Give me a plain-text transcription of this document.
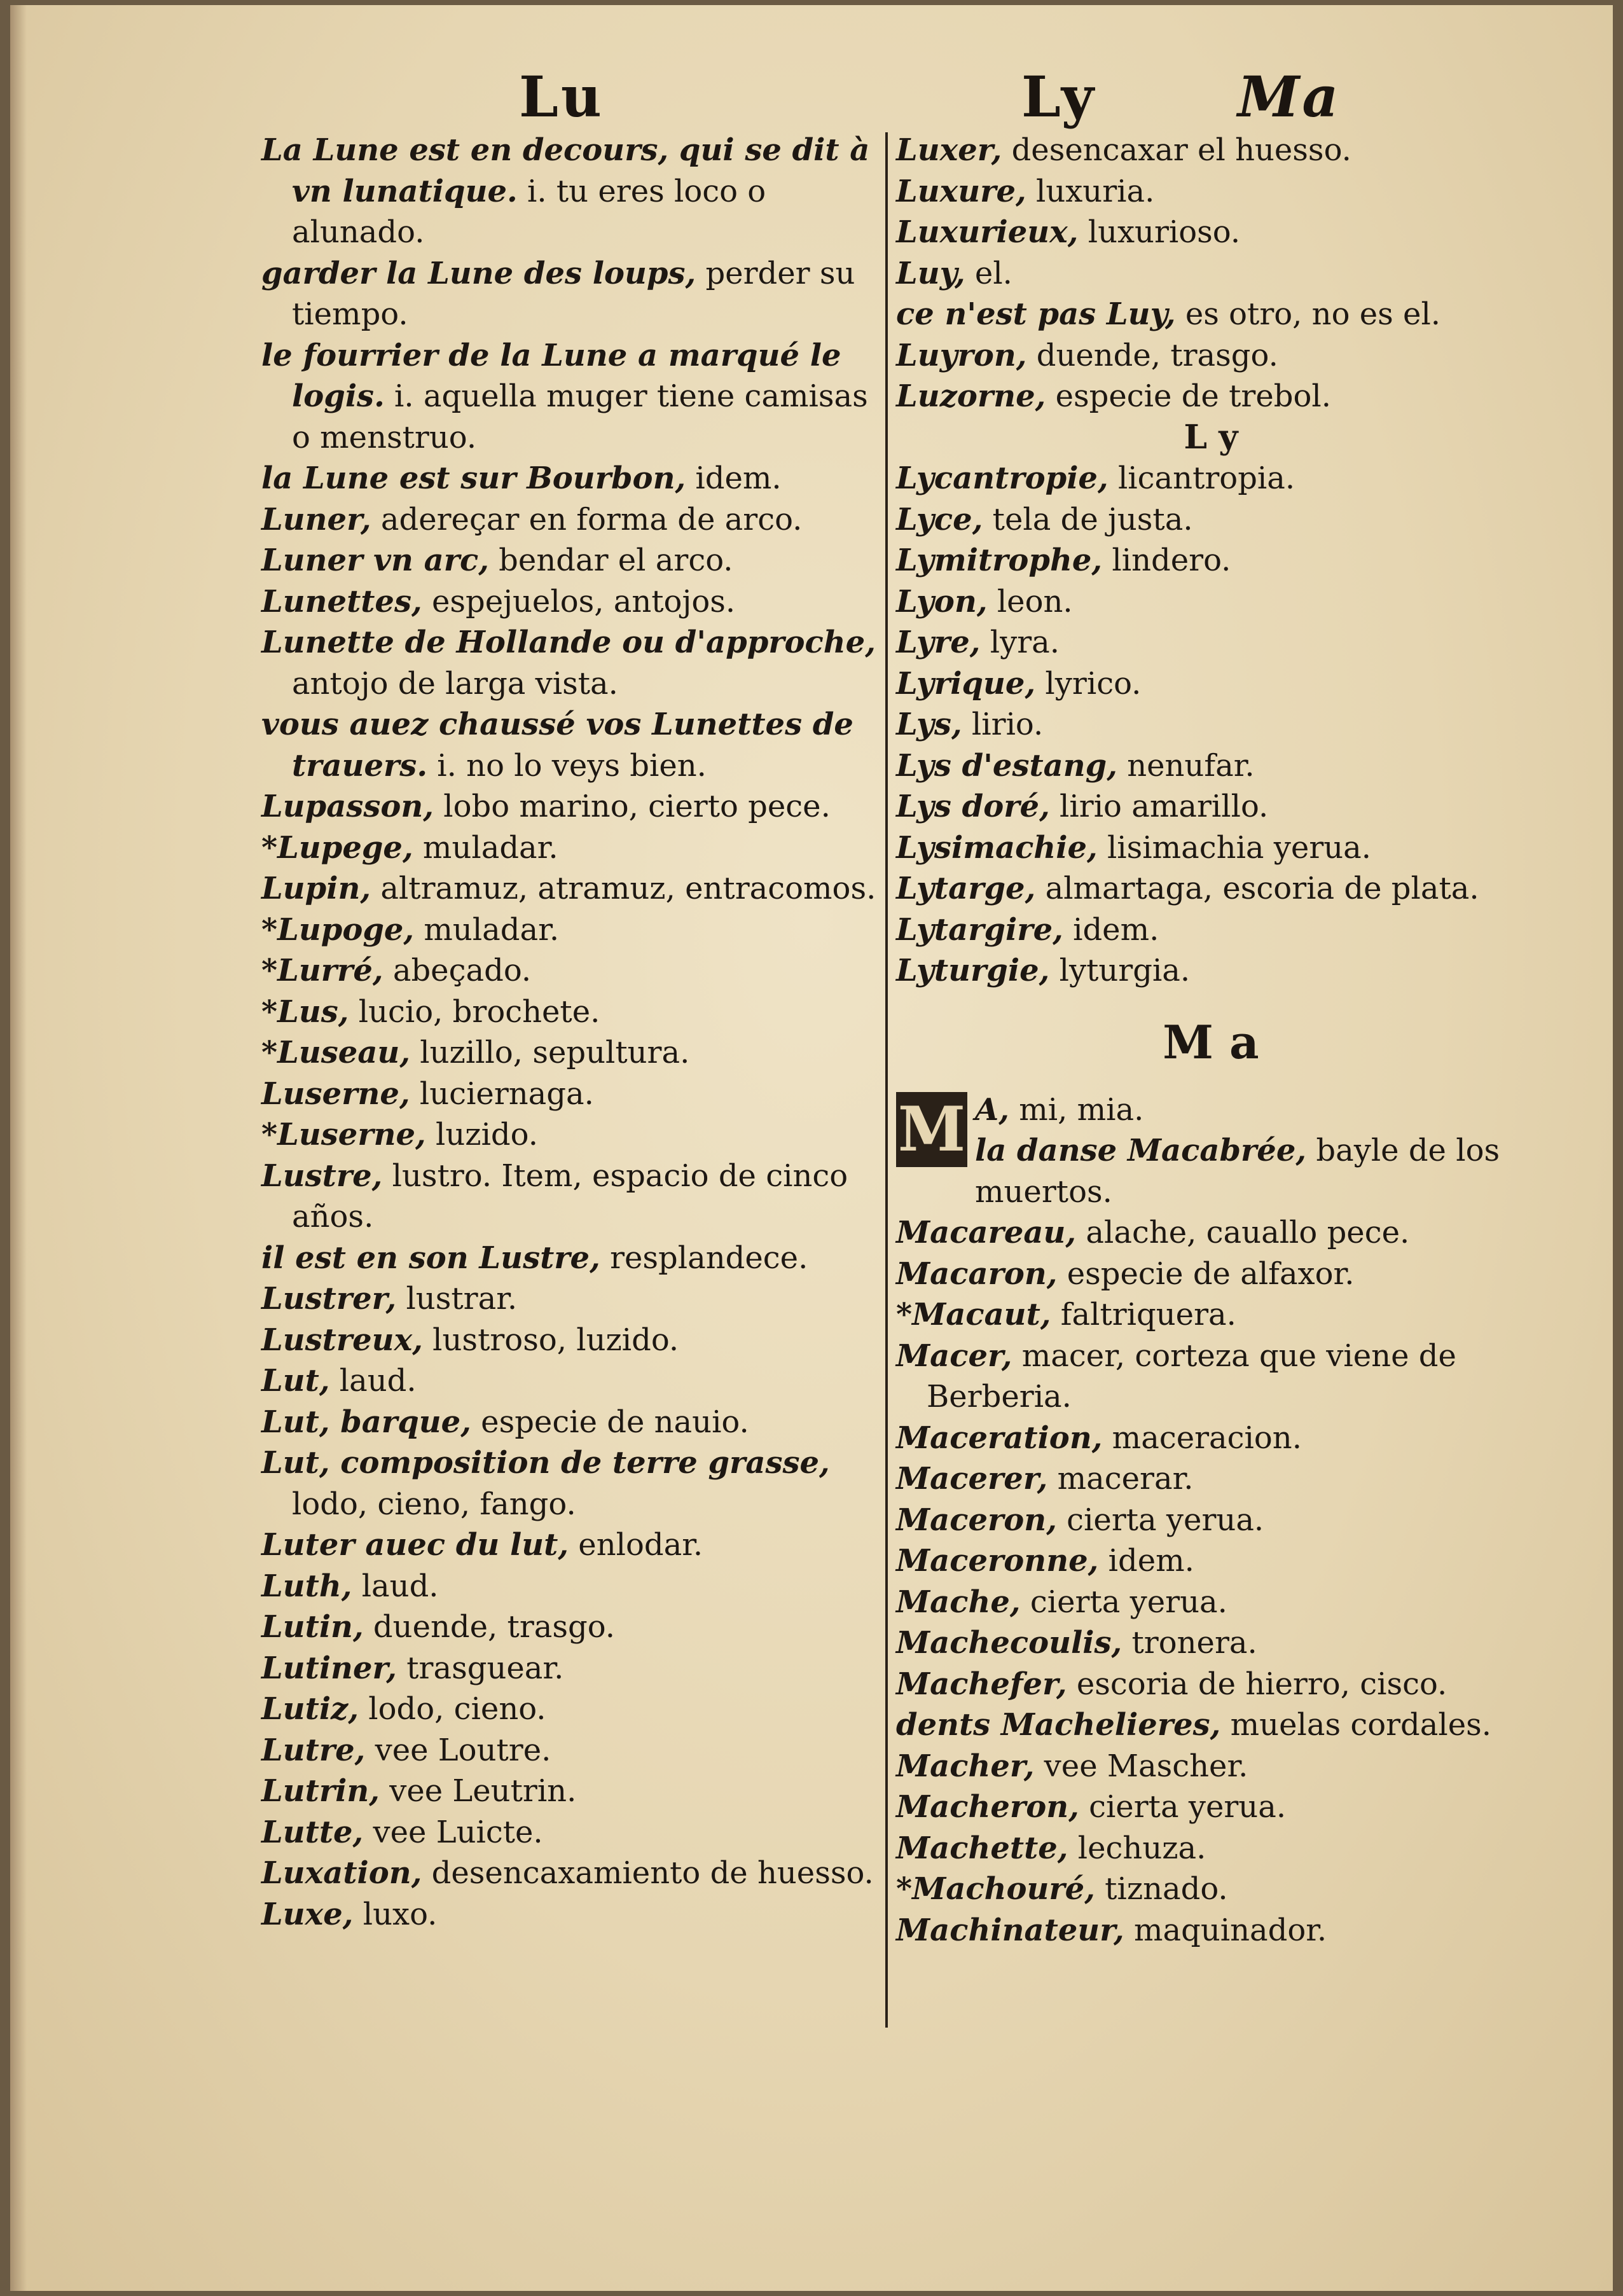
Lu	Ly	Ma
La Lune est en decours, qui se dit à vn lunatique. i. tu eres loco o alunado.
garder la Lune des loups, perder su tiempo.
le fourrier de la Lune a marqué le logis. i. aquella muger tiene camisas o menstruo.
la Lune est sur Bourbon, idem.
Luner, adereçar en forma de arco.
Luner vn arc, bendar el arco.
Lunettes, espejuelos, antojos.
Lunette de Hollande ou d'approche, antojo de larga vista.
vous auez chaussé vos Lunettes de trauers. i. no lo veys bien.
Lupasson, lobo marino, cierto pece.
*Lupege, muladar.
Lupin, altramuz, atramuz, entracomos.
*Lupoge, muladar.
*Lurré, abeçado.
*Lus, lucio, brochete.
*Luseau, luzillo, sepultura.
Luserne, luciernaga.
*Luserne, luzido.
Lustre, lustro. Item, espacio de cinco años.
il est en son Lustre, resplandece.
Lustrer, lustrar.
Lustreux, lustroso, luzido.
Lut, laud.
Lut, barque, especie de nauio.
Lut, composition de terre grasse, lodo, cieno, fango.
Luter auec du lut, enlodar.
Luth, laud.
Lutin, duende, trasgo.
Lutiner, trasguear.
Lutiz, lodo, cieno.
Lutre, vee Loutre.
Lutrin, vee Leutrin.
Lutte, vee Luicte.
Luxation, desencaxamiento de huesso.
Luxe, luxo.
Luxer, desencaxar el huesso.
Luxure, luxuria.
Luxurieux, luxurioso.
Luy, el.
ce n'est pas Luy, es otro, no es el.
Luyron, duende, trasgo.
Luzorne, especie de trebol.
L y
Lycantropie, licantropia.
Lyce, tela de justa.
Lymitrophe, lindero.
Lyon, leon.
Lyre, lyra.
Lyrique, lyrico.
Lys, lirio.
Lys d'estang, nenufar.
Lys doré, lirio amarillo.
Lysimachie, lisimachia yerua.
Lytarge, almartaga, escoria de plata.
Lytargire, idem.
Lyturgie, lyturgia.
M a
M A, mi, mia.
la danse Macabrée, bayle de los muertos.
Macareau, alache, cauallo pece.
Macaron, especie de alfaxor.
*Macaut, faltriquera.
Macer, macer, corteza que viene de Berberia.
Maceration, maceracion.
Macerer, macerar.
Maceron, cierta yerua.
Maceronne, idem.
Mache, cierta yerua.
Machecoulis, tronera.
Machefer, escoria de hierro, cisco.
dents Machelieres, muelas cordales.
Macher, vee Mascher.
Macheron, cierta yerua.
Machette, lechuza.
*Machouré, tiznado.
Machinateur, maquinador.
